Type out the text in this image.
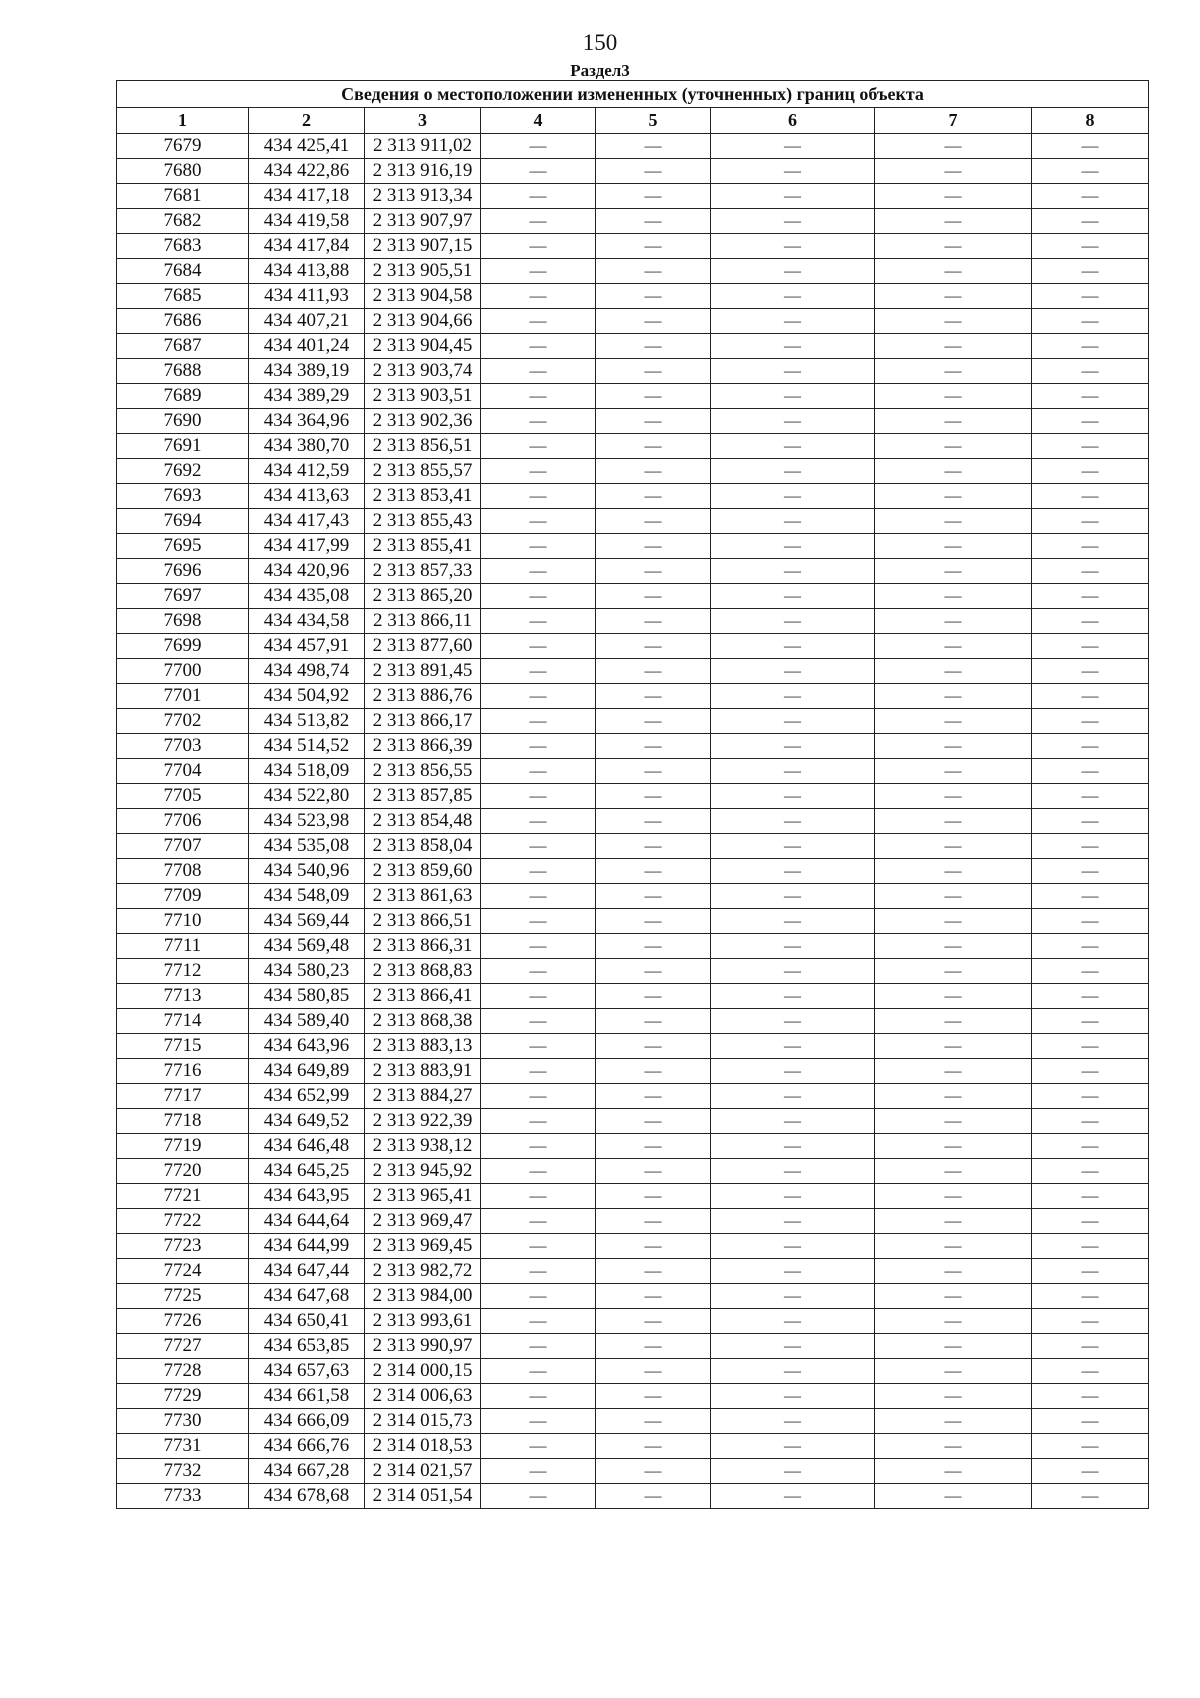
150
Раздел3
Сведения о местоположении измененных (уточненных) границ объекта							
1	2	3	4	5	6	7	8
7679	434 425,41	2 313 911,02	—	—	—	—	—
7680	434 422,86	2 313 916,19	—	—	—	—	—
7681	434 417,18	2 313 913,34	—	—	—	—	—
7682	434 419,58	2 313 907,97	—	—	—	—	—
7683	434 417,84	2 313 907,15	—	—	—	—	—
7684	434 413,88	2 313 905,51	—	—	—	—	—
7685	434 411,93	2 313 904,58	—	—	—	—	—
7686	434 407,21	2 313 904,66	—	—	—	—	—
7687	434 401,24	2 313 904,45	—	—	—	—	—
7688	434 389,19	2 313 903,74	—	—	—	—	—
7689	434 389,29	2 313 903,51	—	—	—	—	—
7690	434 364,96	2 313 902,36	—	—	—	—	—
7691	434 380,70	2 313 856,51	—	—	—	—	—
7692	434 412,59	2 313 855,57	—	—	—	—	—
7693	434 413,63	2 313 853,41	—	—	—	—	—
7694	434 417,43	2 313 855,43	—	—	—	—	—
7695	434 417,99	2 313 855,41	—	—	—	—	—
7696	434 420,96	2 313 857,33	—	—	—	—	—
7697	434 435,08	2 313 865,20	—	—	—	—	—
7698	434 434,58	2 313 866,11	—	—	—	—	—
7699	434 457,91	2 313 877,60	—	—	—	—	—
7700	434 498,74	2 313 891,45	—	—	—	—	—
7701	434 504,92	2 313 886,76	—	—	—	—	—
7702	434 513,82	2 313 866,17	—	—	—	—	—
7703	434 514,52	2 313 866,39	—	—	—	—	—
7704	434 518,09	2 313 856,55	—	—	—	—	—
7705	434 522,80	2 313 857,85	—	—	—	—	—
7706	434 523,98	2 313 854,48	—	—	—	—	—
7707	434 535,08	2 313 858,04	—	—	—	—	—
7708	434 540,96	2 313 859,60	—	—	—	—	—
7709	434 548,09	2 313 861,63	—	—	—	—	—
7710	434 569,44	2 313 866,51	—	—	—	—	—
7711	434 569,48	2 313 866,31	—	—	—	—	—
7712	434 580,23	2 313 868,83	—	—	—	—	—
7713	434 580,85	2 313 866,41	—	—	—	—	—
7714	434 589,40	2 313 868,38	—	—	—	—	—
7715	434 643,96	2 313 883,13	—	—	—	—	—
7716	434 649,89	2 313 883,91	—	—	—	—	—
7717	434 652,99	2 313 884,27	—	—	—	—	—
7718	434 649,52	2 313 922,39	—	—	—	—	—
7719	434 646,48	2 313 938,12	—	—	—	—	—
7720	434 645,25	2 313 945,92	—	—	—	—	—
7721	434 643,95	2 313 965,41	—	—	—	—	—
7722	434 644,64	2 313 969,47	—	—	—	—	—
7723	434 644,99	2 313 969,45	—	—	—	—	—
7724	434 647,44	2 313 982,72	—	—	—	—	—
7725	434 647,68	2 313 984,00	—	—	—	—	—
7726	434 650,41	2 313 993,61	—	—	—	—	—
7727	434 653,85	2 313 990,97	—	—	—	—	—
7728	434 657,63	2 314 000,15	—	—	—	—	—
7729	434 661,58	2 314 006,63	—	—	—	—	—
7730	434 666,09	2 314 015,73	—	—	—	—	—
7731	434 666,76	2 314 018,53	—	—	—	—	—
7732	434 667,28	2 314 021,57	—	—	—	—	—
7733	434 678,68	2 314 051,54	—	—	—	—	—
